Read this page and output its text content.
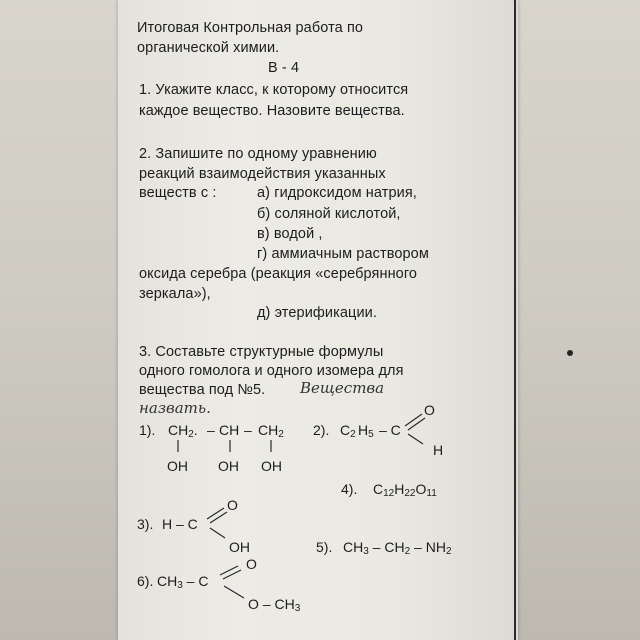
Итоговая Контрольная работа по
органической химии.
В - 4
1. Укажите класс, к которому относится
каждое вещество. Назовите вещества.
2. Запишите по одному уравнению
реакций взаимодействия указанных
веществ с :	а) гидроксидом натрия,
б) соляной кислотой,
в) водой ,
г) аммиачным раствором
оксида серебра (реакция «серебрянного
зеркала»),
д) этерификации.
3. Составьте структурные формулы
одного гомолога и одного изомера для
вещества под №5. Вещества
назвать.
1). $CH_2$. – CH – $CH_2$
OH OH OH
2). $C_2$ $H_5$ – C
O
H
4). $C_{12}H_{22}O_{11}$
3). H – C
O
OH	5). $CH_3 - CH_2 - NH_2$
6). $CH_3$ – C
O
O – $CH_3$
